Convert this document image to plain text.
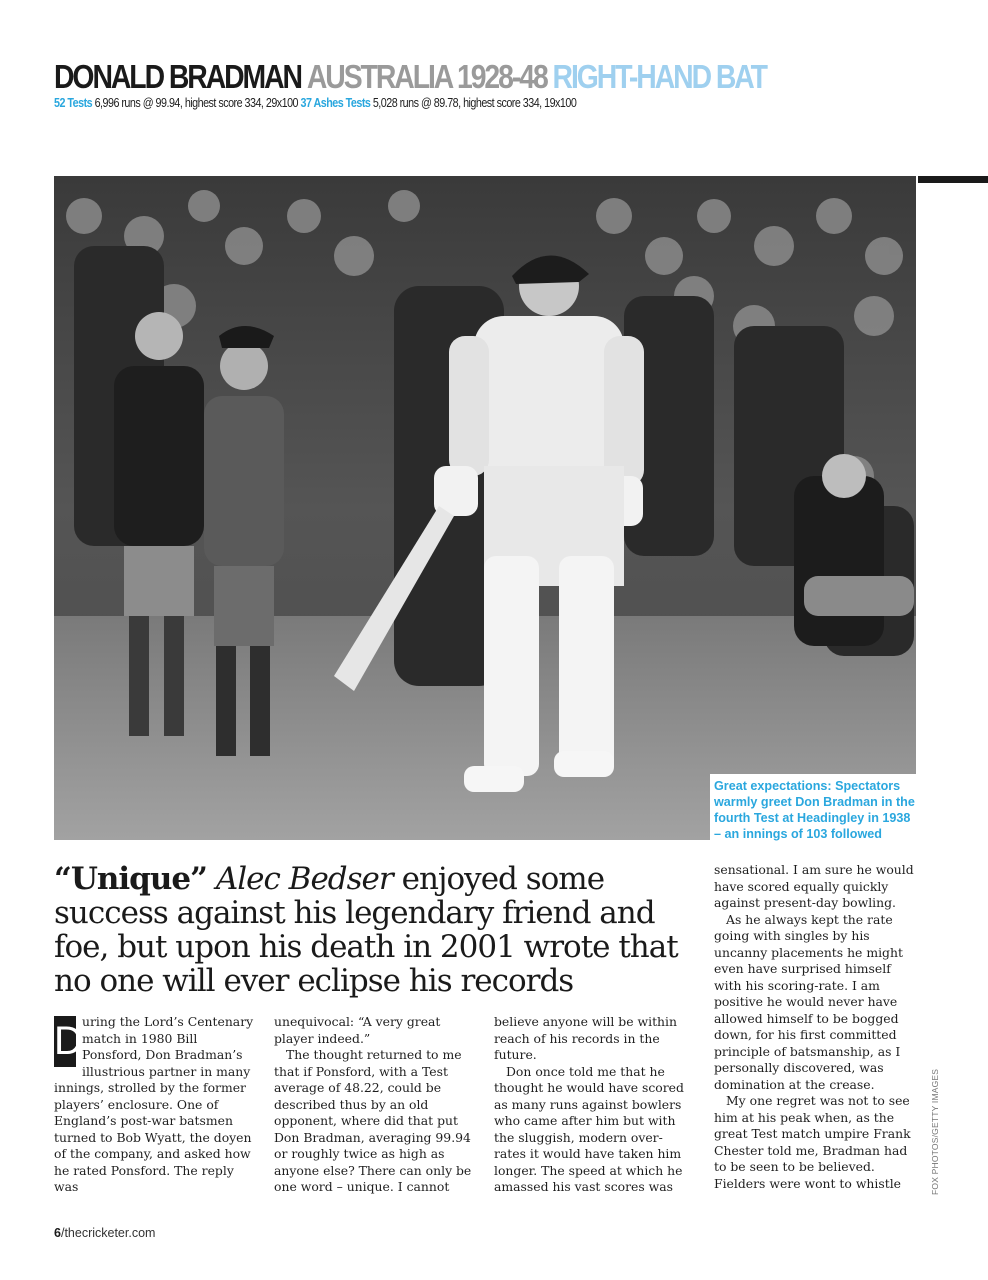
DONALD BRADMAN AUSTRALIA 1928-48 RIGHT-HAND BAT
52 Tests 6,996 runs @ 99.94, highest score 334, 29x100 37 Ashes Tests 5,028 runs @ 89.78, highest score 334, 19x100
Great expectations: Spectators warmly greet Don Bradman in the fourth Test at Headingley in 1938 – an innings of 103 followed
“Unique” Alec Bedser enjoyed some success against his legendary friend and foe, but upon his death in 2001 wrote that no one will ever eclipse his records

D uring the Lord’s Centenary match in 1980 Bill Ponsford, Don Bradman’s illustrious partner in many innings, strolled by the former players’ enclosure. One of England’s post-war batsmen turned to Bob Wyatt, the doyen of the company, and asked how he rated Ponsford. The reply was

unequivocal: “A very great player indeed.”

The thought returned to me that if Ponsford, with a Test average of 48.22, could be described thus by an old opponent, where did that put Don Bradman, averaging 99.94 or roughly twice as high as anyone else? There can only be one word – unique. I cannot

believe anyone will be within reach of his records in the future.

Don once told me that he thought he would have scored as many runs against bowlers who came after him but with the sluggish, modern over-rates it would have taken him longer. The speed at which he amassed his vast scores was

sensational. I am sure he would have scored equally quickly against present-day bowling.

As he always kept the rate going with singles by his uncanny placements he might even have surprised himself with his scoring-rate. I am positive he would never have allowed himself to be bogged down, for his first committed principle of batsmanship, as I personally discovered, was domination at the crease.

My one regret was not to see him at his peak when, as the great Test match umpire Frank Chester told me, Bradman had to be seen to be believed. Fielders were wont to whistle	FOX PHOTOS/GETTY IMAGES
6/thecricketer.com
